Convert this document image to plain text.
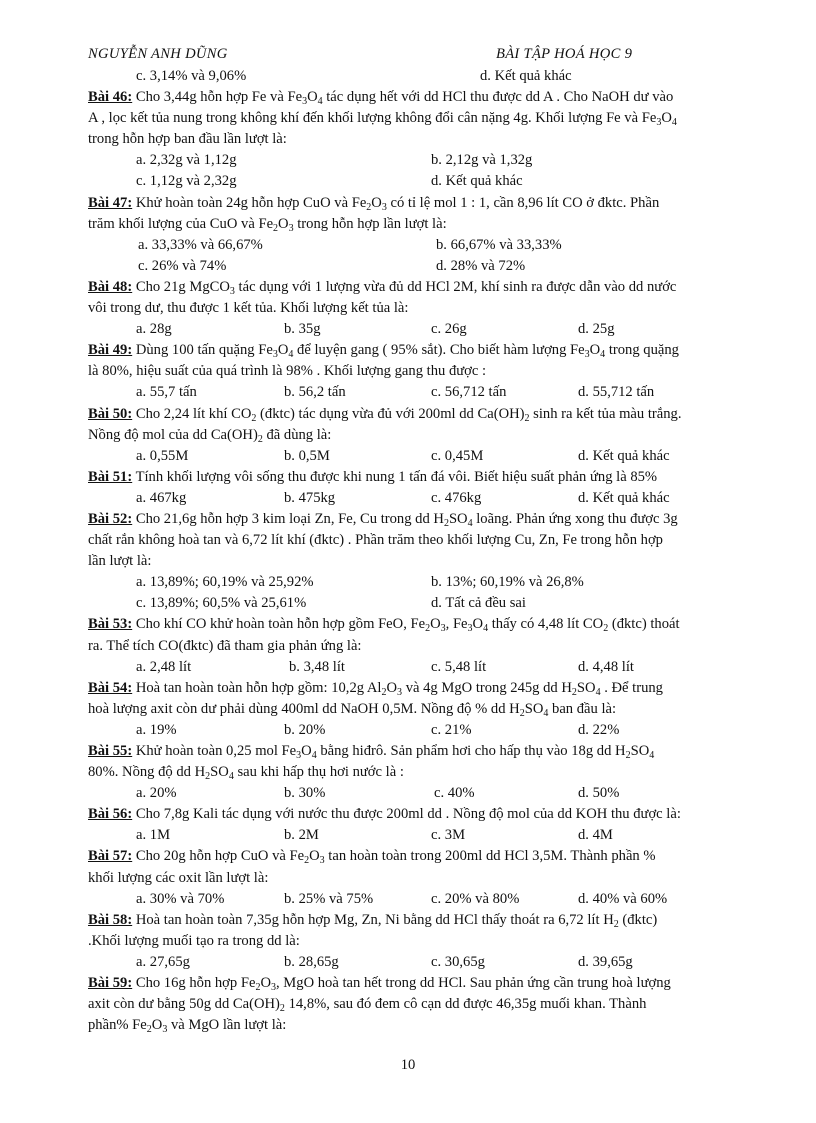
NGUYỄN ANH DŨNG	BÀI TẬP HOÁ HỌC 9
c. 3,14% và 9,06%	d. Kết quả khác
Bài 46: Cho 3,44g hỗn hợp Fe và $Fe_3O_4$ tác dụng hết với dd HCl thu được dd A . Cho NaOH dư vào
A , lọc kết tủa nung trong không khí đến khối lượng không đổi cân nặng 4g. Khối lượng Fe và $Fe_3O_4$
trong hỗn hợp ban đầu lần lượt là:
a. 2,32g và 1,12g	b. 2,12g và 1,32g
c. 1,12g và 2,32g	d. Kết quả khác
Bài 47: Khử hoàn toàn 24g hỗn hợp CuO và $Fe_2O_3$ có tỉ lệ mol 1 : 1, cần 8,96 lít CO ở đktc. Phần
trăm khối lượng của CuO và $Fe_2O_3$ trong hỗn hợp lần lượt là:
a. 33,33% và 66,67%	b. 66,67% và 33,33%
c. 26% và 74%	d. 28% và 72%
Bài 48: Cho 21g MgCO$_3$ tác dụng với 1 lượng vừa đủ dd HCl 2M, khí sinh ra được dẫn vào dd nước
vôi trong dư, thu được 1 kết tủa. Khối lượng kết tủa là:
a. 28g	b. 35g	c. 26g	d. 25g
Bài 49: Dùng 100 tấn quặng $Fe_3O_4$ để luyện gang ( 95% sắt). Cho biết hàm lượng $Fe_3O_4$ trong quặng
là 80%, hiệu suất của quá trình là 98% . Khối lượng gang thu được :
a. 55,7 tấn	b. 56,2 tấn	c. 56,712 tấn	d. 55,712 tấn
Bài 50: Cho 2,24 lít khí $CO_2$ (đktc) tác dụng vừa đủ với 200ml dd $Ca(OH)_2$ sinh ra kết tủa màu trắng.
Nồng độ mol của dd $Ca(OH)_2$ đã dùng là:
a. 0,55M	b. 0,5M	c. 0,45M	d. Kết quả khác
Bài 51: Tính khối lượng vôi sống thu được khi nung 1 tấn đá vôi. Biết hiệu suất phản ứng là 85%
a. 467kg	b. 475kg	c. 476kg	d. Kết quả khác
Bài 52: Cho 21,6g hỗn hợp 3 kim loại Zn, Fe, Cu trong dd $H_2SO_4$ loãng. Phản ứng xong thu được 3g
chất rắn không hoà tan và 6,72 lít khí (đktc) . Phần trăm theo khối lượng Cu, Zn, Fe trong hỗn hợp
lần lượt là:
a. 13,89%; 60,19% và 25,92%	b. 13%; 60,19% và 26,8%
c. 13,89%; 60,5% và 25,61%	d. Tất cả đều sai
Bài 53: Cho khí CO khử hoàn toàn hỗn hợp gồm FeO, $Fe_2O_3$, $Fe_3O_4$ thấy có 4,48 lít $CO_2$ (đktc) thoát
ra. Thể tích CO(đktc) đã tham gia phản ứng là:
a. 2,48 lít	b. 3,48 lít	c. 5,48 lít	d. 4,48 lít
Bài 54: Hoà tan hoàn toàn hỗn hợp gồm: 10,2g $Al_2O_3$ và 4g MgO trong 245g dd $H_2SO_4$ . Để trung
hoà lượng axit còn dư phải dùng 400ml dd NaOH 0,5M. Nồng độ % dd $H_2SO_4$ ban đầu là:
a. 19%	b. 20%	c. 21%	d. 22%
Bài 55: Khử hoàn toàn 0,25 mol $Fe_3O_4$ bằng hiđrô. Sản phẩm hơi cho hấp thụ vào 18g dd $H_2SO_4$
80%. Nồng độ dd $H_2SO_4$ sau khi hấp thụ hơi nước là :
a. 20%	b. 30%	c. 40%	d. 50%
Bài 56: Cho 7,8g Kali tác dụng với nước thu được 200ml dd . Nồng độ mol của dd KOH thu được là:
a. 1M	b. 2M	c. 3M	d. 4M
Bài 57: Cho 20g hỗn hợp CuO và $Fe_2O_3$ tan hoàn toàn trong 200ml dd HCl 3,5M. Thành phần %
khối lượng các oxit lần lượt là:
a. 30% và 70%	b. 25% và 75%	c. 20% và 80%	d. 40% và 60%
Bài 58: Hoà tan hoàn toàn 7,35g hỗn hợp Mg, Zn, Ni bằng dd HCl thấy thoát ra 6,72 lít $H_2$ (đktc)
.Khối lượng muối tạo ra trong dd là:
a. 27,65g	b. 28,65g	c. 30,65g	d. 39,65g
Bài 59: Cho 16g hỗn hợp $Fe_2O_3$, MgO hoà tan hết trong dd HCl. Sau phản ứng cần trung hoà lượng
axit còn dư bằng 50g dd $Ca(OH)_2$ 14,8%, sau đó đem cô cạn dd được 46,35g muối khan. Thành
phần% $Fe_2O_3$ và MgO lần lượt là:
10
